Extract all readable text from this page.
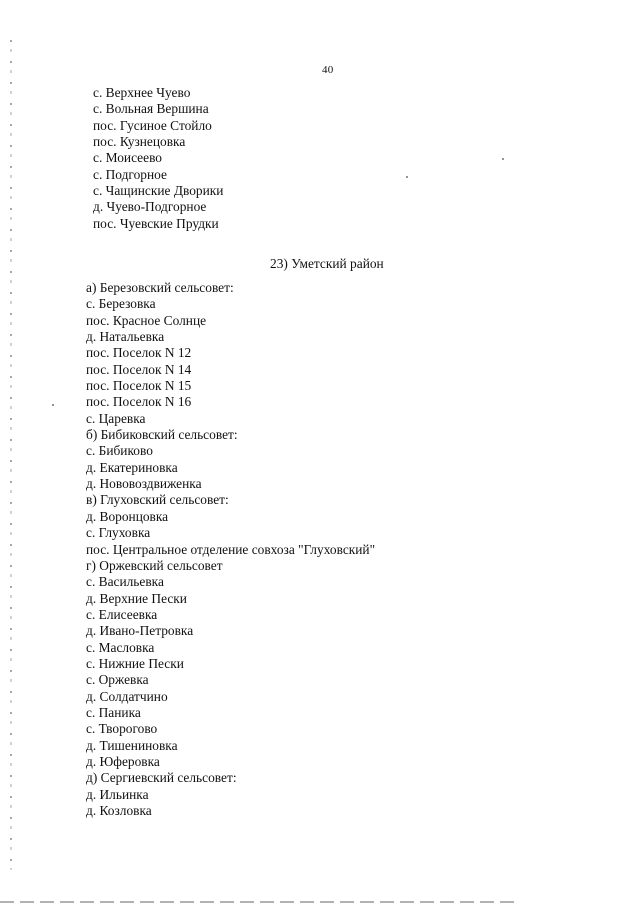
40
с. Верхнее Чуево
с. Вольная Вершина
пос. Гусиное Стойло
пос. Кузнецовка
с. Моисеево
с. Подгорное
с. Чащинские Дворики
д. Чуево-Подгорное
пос. Чуевские Прудки
23) Уметский район
а) Березовский сельсовет:
с. Березовка
пос. Красное Солнце
д. Натальевка
пос. Поселок N 12
пос. Поселок N 14
пос. Поселок N 15
пос. Поселок N 16
с. Царевка
б) Бибиковский сельсовет:
с. Бибиково
д. Екатериновка
д. Нововоздвиженка
в) Глуховский сельсовет:
д. Воронцовка
с. Глуховка
пос. Центральное отделение совхоза "Глуховский"
г) Оржевский сельсовет
с. Васильевка
д. Верхние Пески
с. Елисеевка
д. Ивано-Петровка
с. Масловка
с. Нижние Пески
с. Оржевка
д. Солдатчино
с. Паника
с. Творогово
д. Тишениновка
д. Юферовка
д) Сергиевский сельсовет:
д. Ильинка
д. Козловка
